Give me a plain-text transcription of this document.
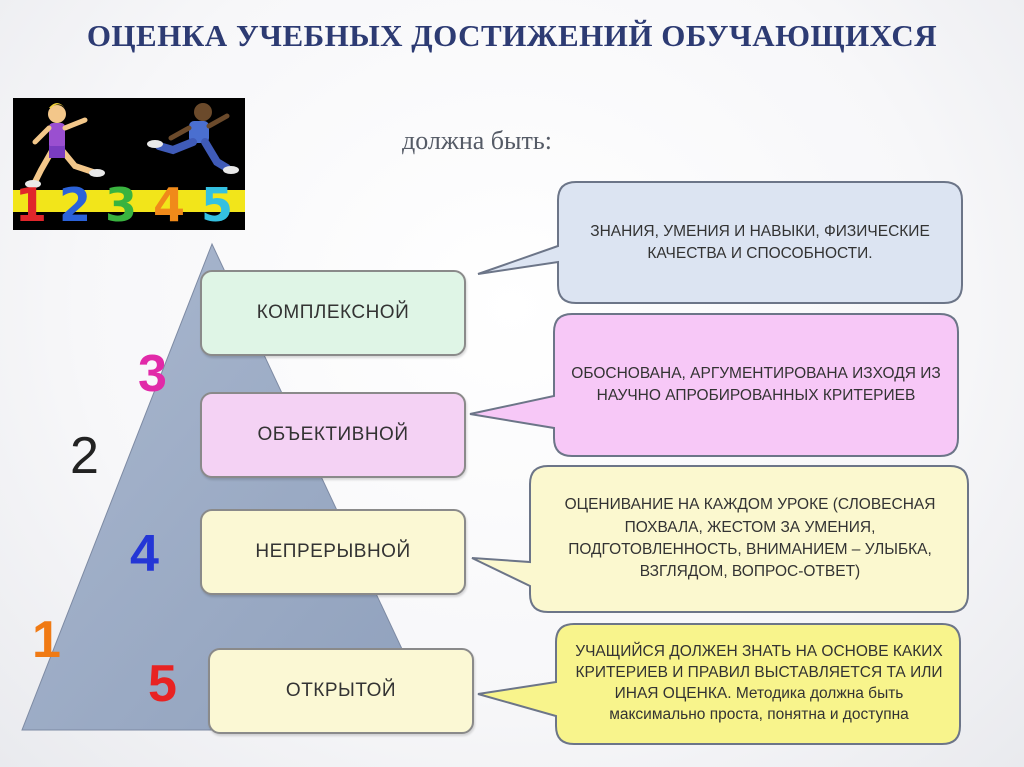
ОЦЕНКА УЧЕБНЫХ ДОСТИЖЕНИЙ ОБУЧАЮЩИХСЯ
1 2 3 4 5
должна быть:
КОМПЛЕКСНОЙ
ОБЪЕКТИВНОЙ
НЕПРЕРЫВНОЙ
ОТКРЫТОЙ
3
2
4
1
5
ЗНАНИЯ, УМЕНИЯ И НАВЫКИ, ФИЗИЧЕСКИЕ КАЧЕСТВА И СПОСОБНОСТИ.
ОБОСНОВАНА, АРГУМЕНТИРОВАНА ИЗХОДЯ ИЗ НАУЧНО АПРОБИРОВАННЫХ КРИТЕРИЕВ
ОЦЕНИВАНИЕ НА КАЖДОМ УРОКЕ (СЛОВЕСНАЯ ПОХВАЛА, ЖЕСТОМ ЗА УМЕНИЯ, ПОДГОТОВЛЕННОСТЬ, ВНИМАНИЕМ – УЛЫБКА, ВЗГЛЯДОМ, ВОПРОС-ОТВЕТ)
УЧАЩИЙСЯ ДОЛЖЕН ЗНАТЬ НА ОСНОВЕ КАКИХ КРИТЕРИЕВ И ПРАВИЛ ВЫСТАВЛЯЕТСЯ ТА ИЛИ ИНАЯ ОЦЕНКА. Методика должна быть максимально проста, понятна и доступна
